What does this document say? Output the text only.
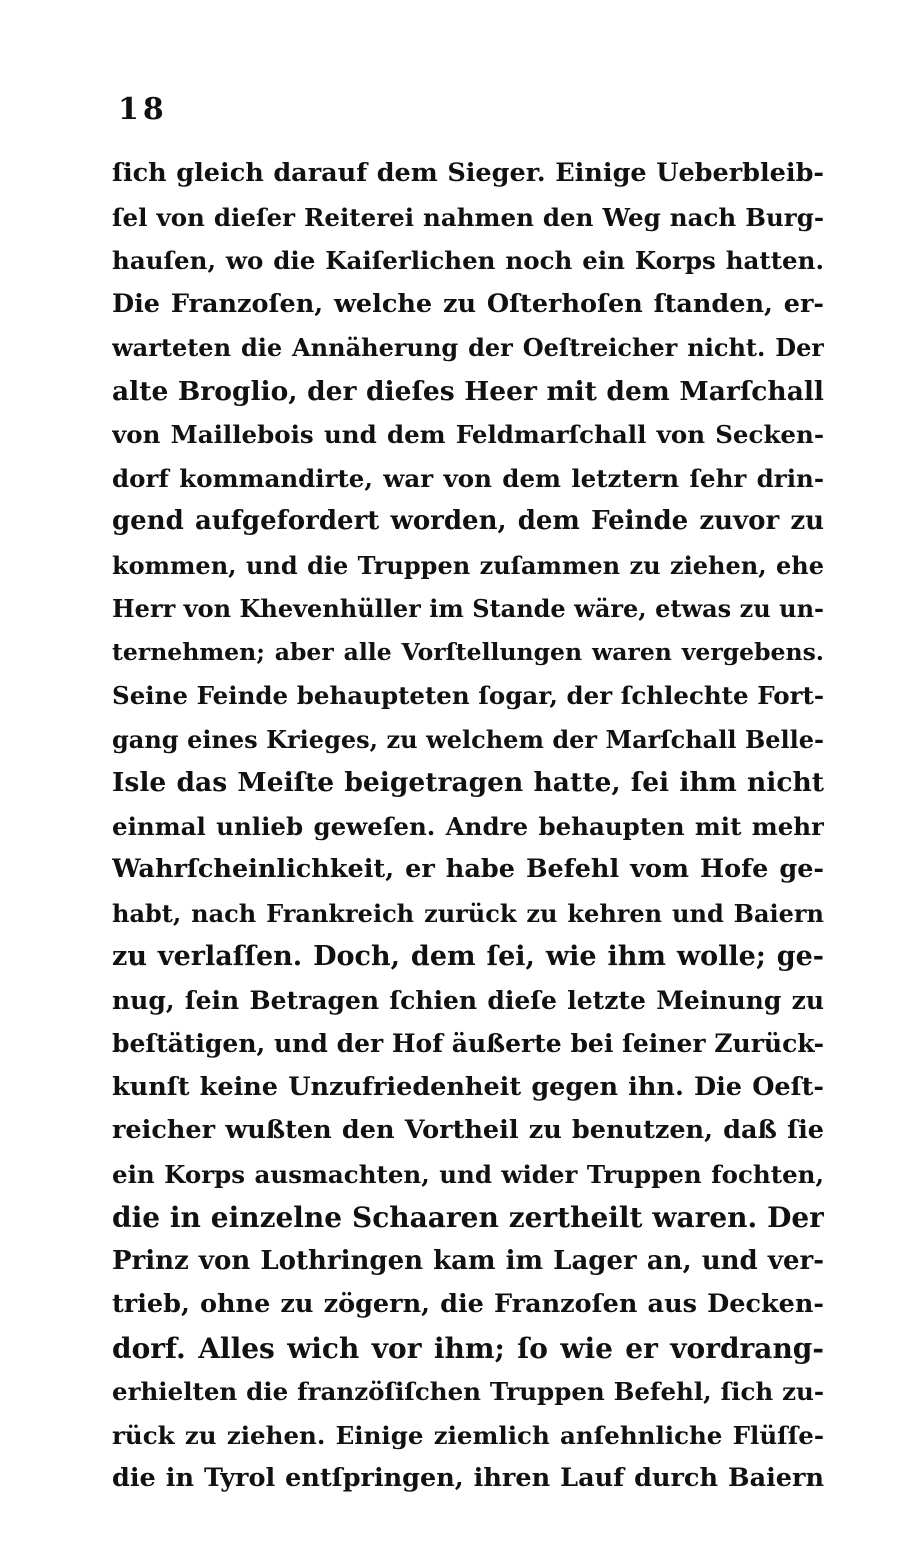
18
ſich gleich darauf dem Sieger. Einige Ueberbleib-
ſel von dieſer Reiterei nahmen den Weg nach Burg-
hauſen, wo die Kaiſerlichen noch ein Korps hatten.
Die Franzoſen, welche zu Oſterhoſen ſtanden, er-
warteten die Annäherung der Oeſtreicher nicht. Der
alte Broglio, der dieſes Heer mit dem Marſchall
von Maillebois und dem Feldmarſchall von Secken-
dorf kommandirte, war von dem letztern ſehr drin-
gend aufgefordert worden, dem Feinde zuvor zu
kommen, und die Truppen zuſammen zu ziehen, ehe
Herr von Khevenhüller im Stande wäre, etwas zu un-
ternehmen; aber alle Vorſtellungen waren vergebens.
Seine Feinde behaupteten ſogar, der ſchlechte Fort-
gang eines Krieges, zu welchem der Marſchall Belle-
Isle das Meiſte beigetragen hatte, ſei ihm nicht
einmal unlieb geweſen. Andre behaupten mit mehr
Wahrſcheinlichkeit, er habe Befehl vom Hofe ge-
habt, nach Frankreich zurück zu kehren und Baiern
zu verlaſſen. Doch, dem ſei, wie ihm wolle; ge-
nug, ſein Betragen ſchien dieſe letzte Meinung zu
beſtätigen, und der Hof äußerte bei ſeiner Zurück-
kunſt keine Unzufriedenheit gegen ihn. Die Oeſt-
reicher wußten den Vortheil zu benutzen, daß ſie
ein Korps ausmachten, und wider Truppen fochten,
die in einzelne Schaaren zertheilt waren. Der
Prinz von Lothringen kam im Lager an, und ver-
trieb, ohne zu zögern, die Franzoſen aus Decken-
dorf. Alles wich vor ihm; ſo wie er vordrang-
erhielten die franzöſiſchen Truppen Befehl, ſich zu-
rück zu ziehen. Einige ziemlich anſehnliche Flüſſe-
die in Tyrol entſpringen, ihren Lauf durch Baiern
